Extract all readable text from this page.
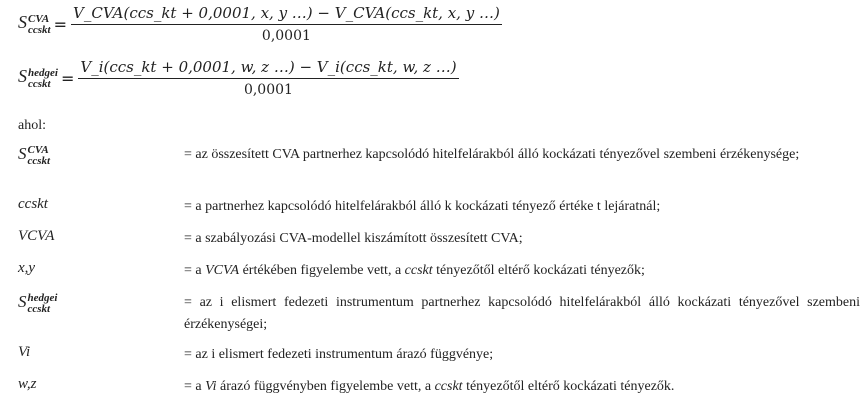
S CVA
ccskt = $\frac{\text{V\_CVA(ccs\_kt + 0,0001, x, y …) − V\_CVA(ccs\_kt, x, y …)}}{0,0001}$
S hedgei
ccskt = $\frac{\text{V\_i(ccs\_kt + 0,0001, w, z …) − V\_i(ccs\_kt, w, z …)}}{0,0001}$
ahol:
S CVA
ccskt	= az összesített CVA partnerhez kapcsolódó hitelfelárakból álló kockázati tényezővel szembeni érzékenysége;
ccskt	= a partnerhez kapcsolódó hitelfelárakból álló k kockázati tényező értéke t lejáratnál;
VCVA	= a szabályozási CVA-modellel kiszámított összesített CVA;
x,y	= a VCVA értékében figyelembe vett, a ccskt tényezőtől eltérő kockázati tényezők;
S hedgei
ccskt	= az i elismert fedezeti instrumentum partnerhez kapcsolódó hitelfelárakból álló kockázati tényezővel szembeni érzékenységei;
Vi	= az i elismert fedezeti instrumentum árazó függvénye;
w,z	= a Vi árazó függvényben figyelembe vett, a ccskt tényezőtől eltérő kockázati tényezők.
